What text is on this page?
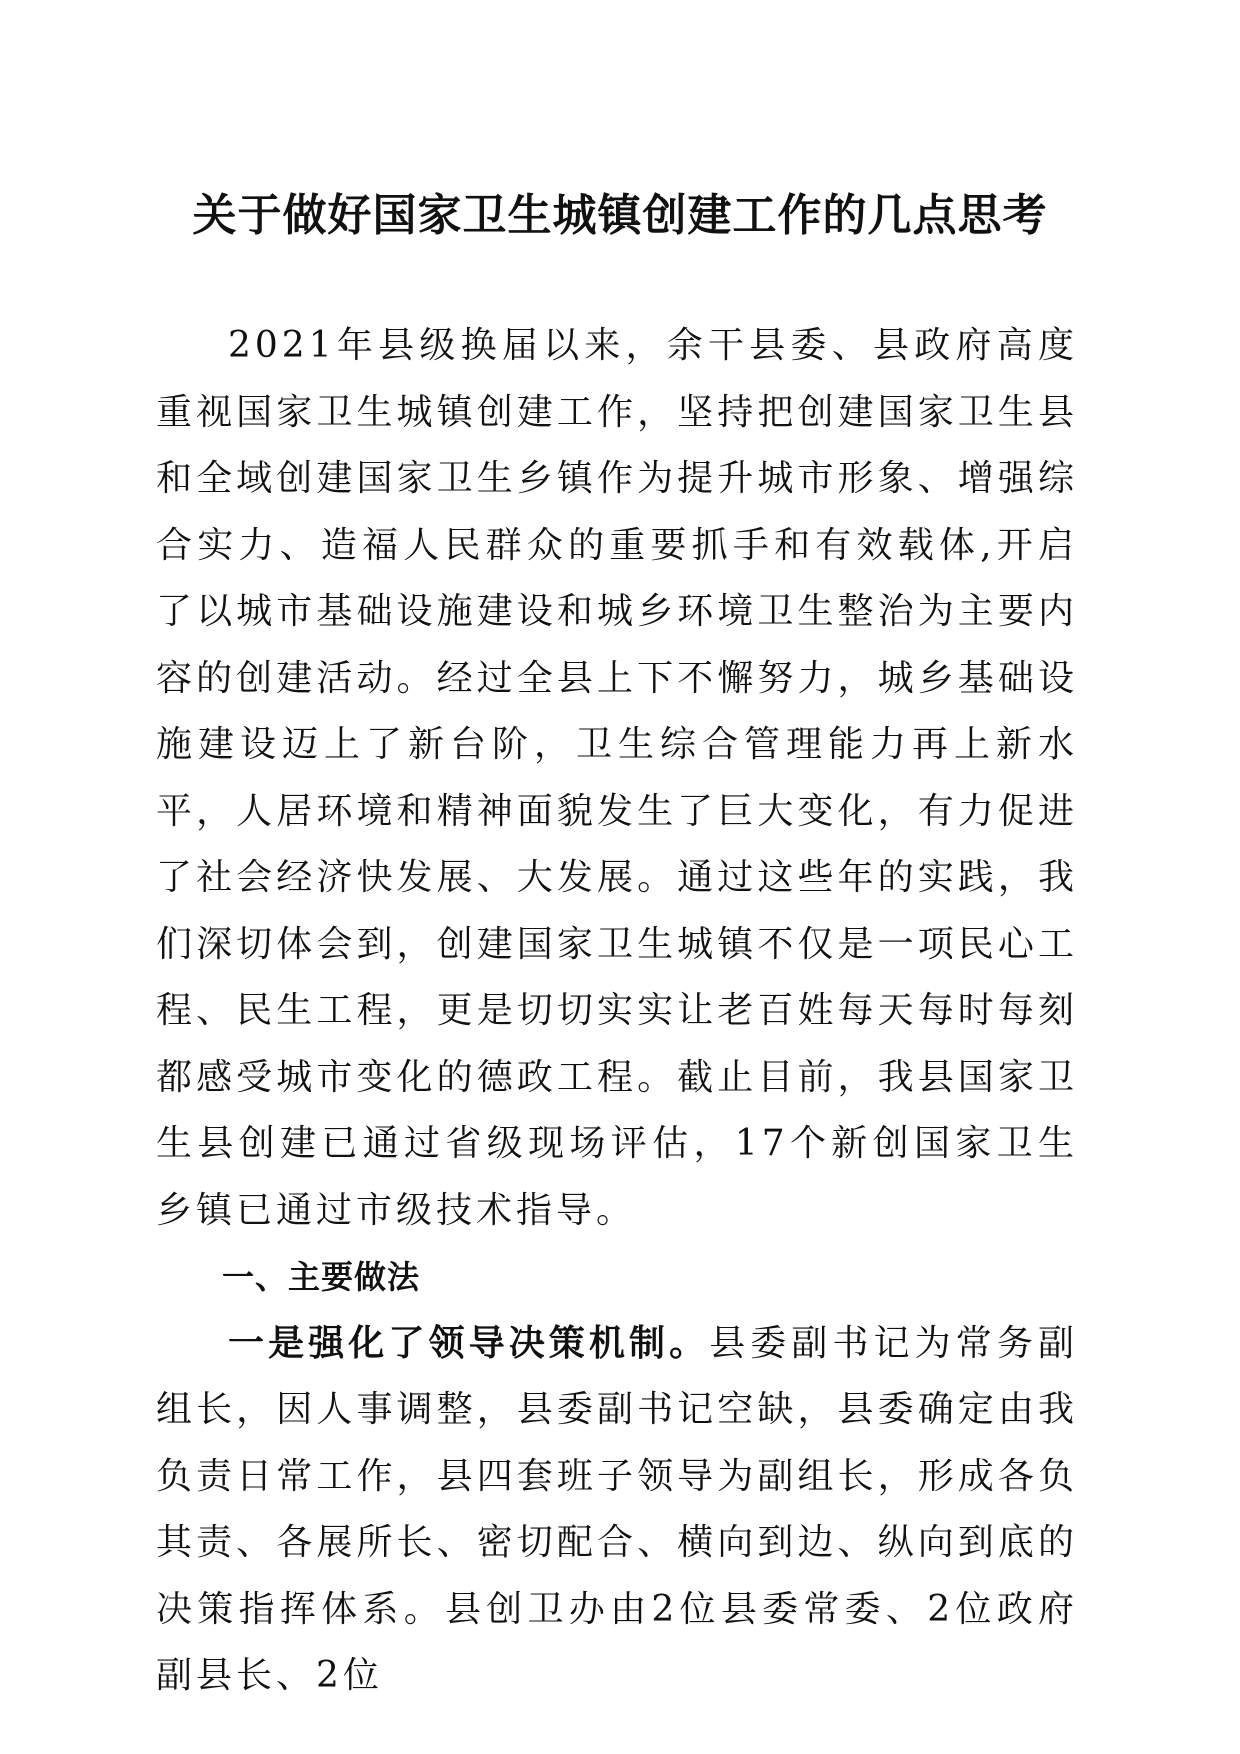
关于做好国家卫生城镇创建工作的几点思考

2021年县级换届以来，余干县委、县政府高度重视国家卫生城镇创建工作，坚持把创建国家卫生县和全域创建国家卫生乡镇作为提升城市形象、增强综合实力、造福人民群众的重要抓手和有效载体,开启了以城市基础设施建设和城乡环境卫生整治为主要内容的创建活动。经过全县上下不懈努力，城乡基础设施建设迈上了新台阶，卫生综合管理能力再上新水平，人居环境和精神面貌发生了巨大变化，有力促进了社会经济快发展、大发展。通过这些年的实践，我们深切体会到，创建国家卫生城镇不仅是一项民心工程、民生工程，更是切切实实让老百姓每天每时每刻都感受城市变化的德政工程。截止目前，我县国家卫生县创建已通过省级现场评估，17个新创国家卫生乡镇已通过市级技术指导。

一、主要做法

一是强化了领导决策机制。县委副书记为常务副组长，因人事调整，县委副书记空缺，县委确定由我负责日常工作，县四套班子领导为副组长，形成各负其责、各展所长、密切配合、横向到边、纵向到底的决策指挥体系。县创卫办由2位县委常委、2位政府副县长、2位
